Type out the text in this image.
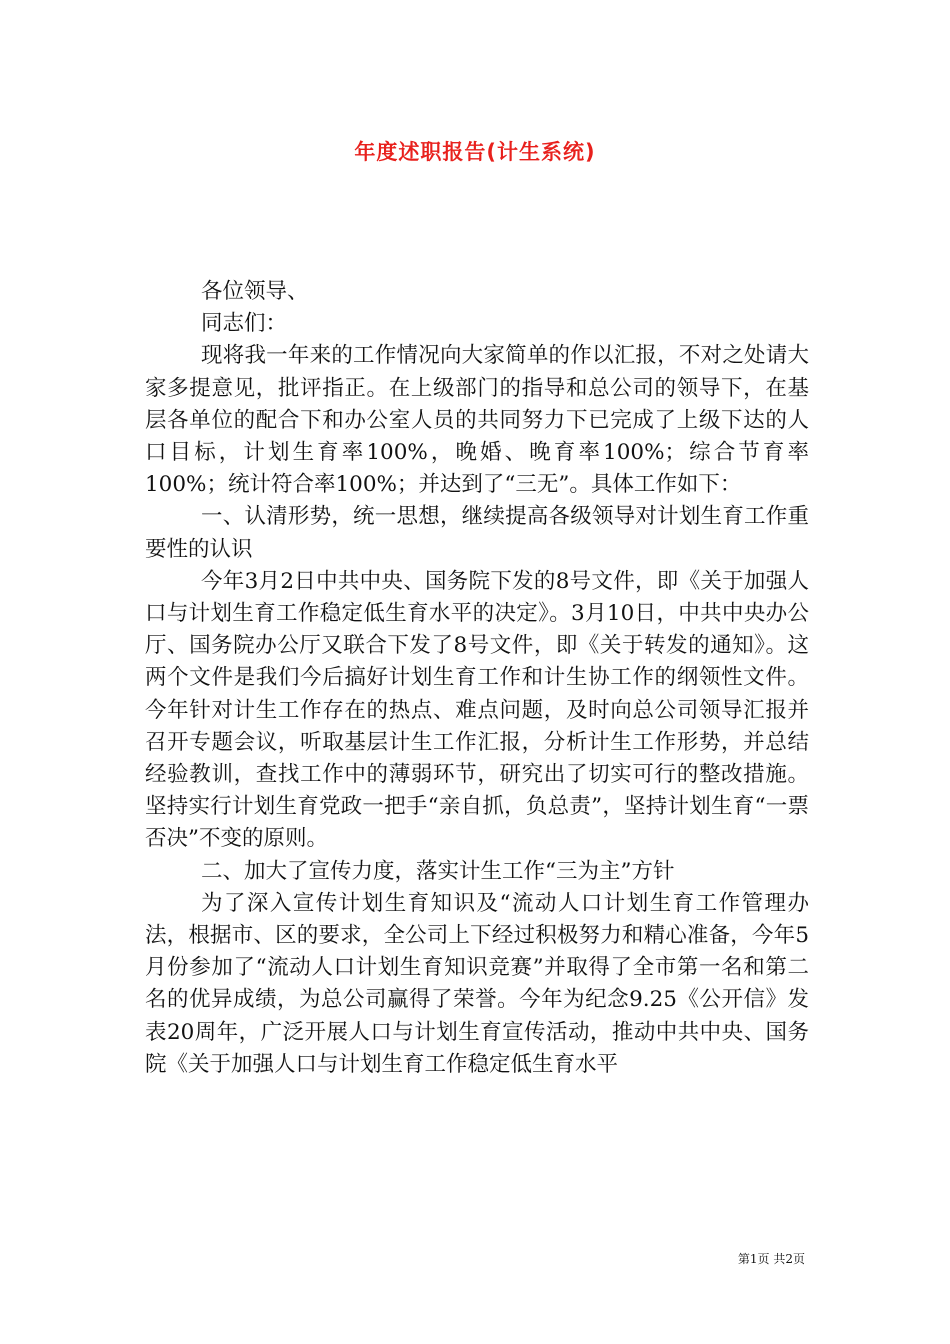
年度述职报告(计生系统)

各位领导、

同志们：

现将我一年来的工作情况向大家简单的作以汇报，不对之处请大家多提意见，批评指正。在上级部门的指导和总公司的领导下，在基层各单位的配合下和办公室人员的共同努力下已完成了上级下达的人口目标，计划生育率100%，晚婚、晚育率100%；综合节育率100%；统计符合率100%；并达到了“三无”。具体工作如下：

一、认清形势，统一思想，继续提高各级领导对计划生育工作重要性的认识

今年3月2日中共中央、国务院下发的8号文件，即《关于加强人口与计划生育工作稳定低生育水平的决定》。3月10日，中共中央办公厅、国务院办公厅又联合下发了8号文件，即《关于转发的通知》。这两个文件是我们今后搞好计划生育工作和计生协工作的纲领性文件。今年针对计生工作存在的热点、难点问题，及时向总公司领导汇报并召开专题会议，听取基层计生工作汇报，分析计生工作形势，并总结经验教训，查找工作中的薄弱环节，研究出了切实可行的整改措施。坚持实行计划生育党政一把手“亲自抓，负总责”，坚持计划生育“一票否决”不变的原则。

二、加大了宣传力度，落实计生工作“三为主”方针

为了深入宣传计划生育知识及“流动人口计划生育工作管理办法，根据市、区的要求，全公司上下经过积极努力和精心准备，今年5月份参加了“流动人口计划生育知识竞赛”并取得了全市第一名和第二名的优异成绩，为总公司赢得了荣誉。今年为纪念9.25《公开信》发表20周年，广泛开展人口与计划生育宣传活动，推动中共中央、国务院《关于加强人口与计划生育工作稳定低生育水平

第1页 共2页
